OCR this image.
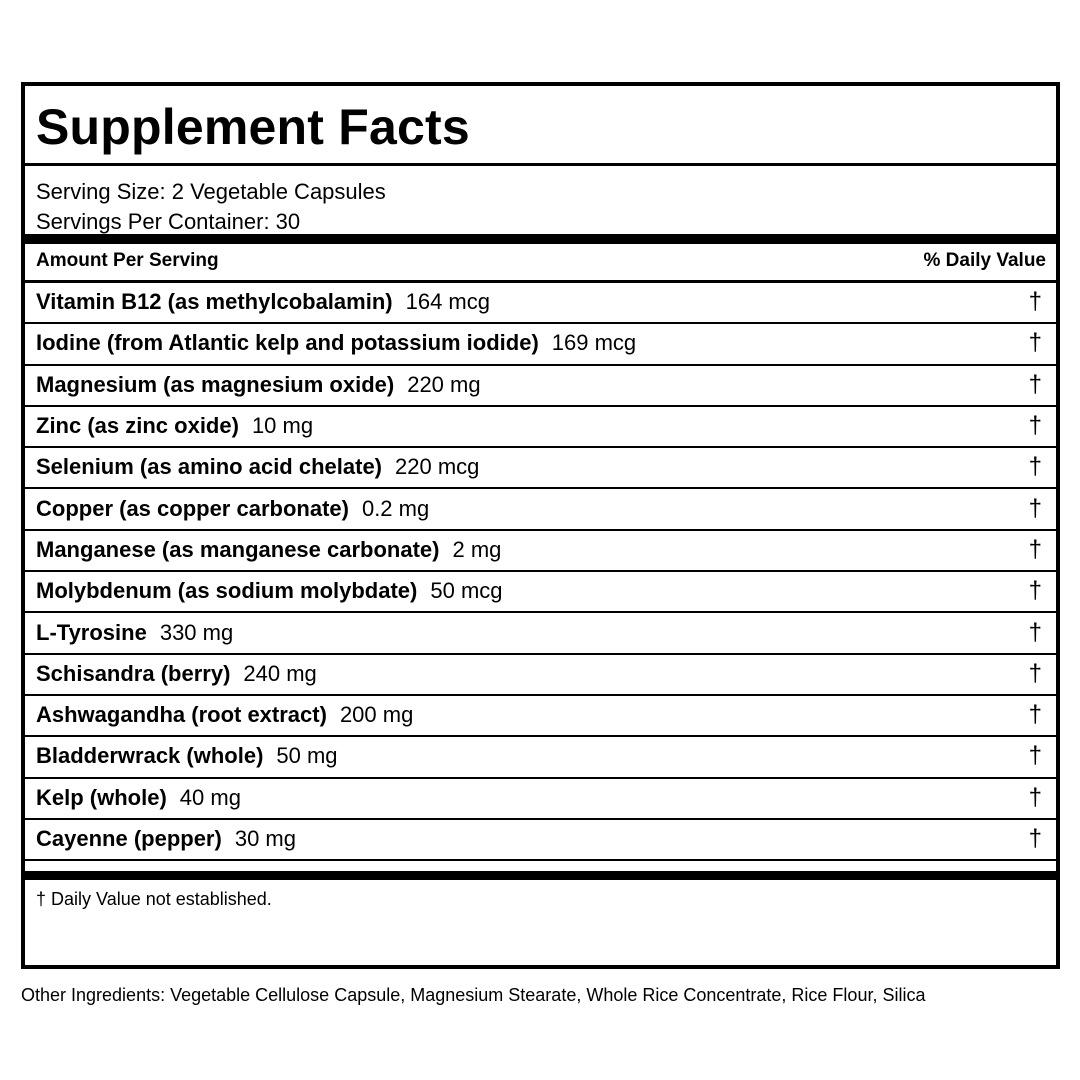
Supplement Facts
Serving Size: 2 Vegetable Capsules
Servings Per Container: 30
Amount Per Serving	% Daily Value
Vitamin B12 (as methylcobalamin) 164 mcg	†
Iodine (from Atlantic kelp and potassium iodide) 169 mcg	†
Magnesium (as magnesium oxide) 220 mg	†
Zinc (as zinc oxide) 10 mg	†
Selenium (as amino acid chelate) 220 mcg	†
Copper (as copper carbonate) 0.2 mg	†
Manganese (as manganese carbonate) 2 mg	†
Molybdenum (as sodium molybdate) 50 mcg	†
L-Tyrosine 330 mg	†
Schisandra (berry) 240 mg	†
Ashwagandha (root extract) 200 mg	†
Bladderwrack (whole) 50 mg	†
Kelp (whole) 40 mg	†
Cayenne (pepper) 30 mg	†
† Daily Value not established.
Other Ingredients: Vegetable Cellulose Capsule, Magnesium Stearate, Whole Rice Concentrate, Rice Flour, Silica
